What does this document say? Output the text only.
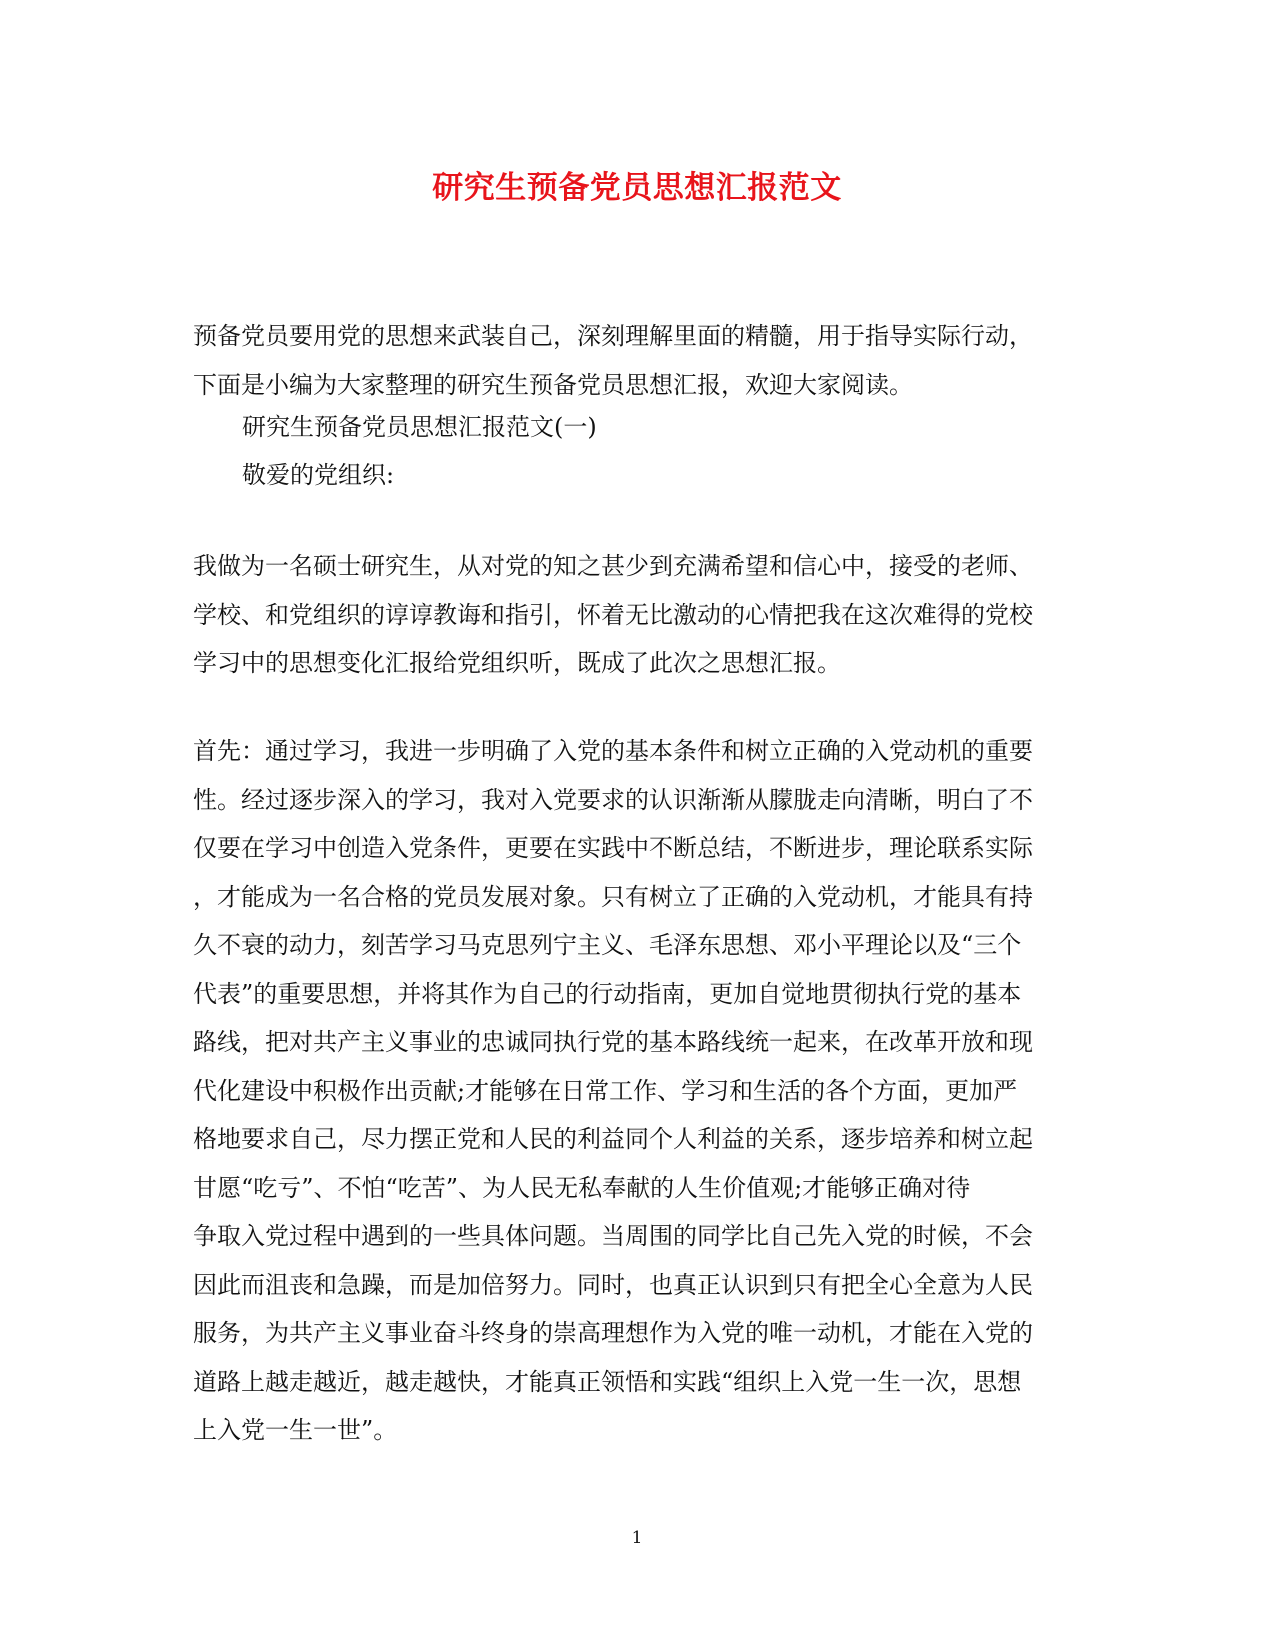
研究生预备党员思想汇报范文
预备党员要用党的思想来武装自己，深刻理解里面的精髓，用于指导实际行动，
下面是小编为大家整理的研究生预备党员思想汇报，欢迎大家阅读。
研究生预备党员思想汇报范文(一)
敬爱的党组织:
我做为一名硕士研究生，从对党的知之甚少到充满希望和信心中，接受的老师、
学校、和党组织的谆谆教诲和指引，怀着无比激动的心情把我在这次难得的党校
学习中的思想变化汇报给党组织听，既成了此次之思想汇报。
首先：通过学习，我进一步明确了入党的基本条件和树立正确的入党动机的重要
性。经过逐步深入的学习，我对入党要求的认识渐渐从朦胧走向清晰，明白了不
仅要在学习中创造入党条件，更要在实践中不断总结，不断进步，理论联系实际
，才能成为一名合格的党员发展对象。只有树立了正确的入党动机，才能具有持
久不衰的动力，刻苦学习马克思列宁主义、毛泽东思想、邓小平理论以及“三个
代表”的重要思想，并将其作为自己的行动指南，更加自觉地贯彻执行党的基本
路线，把对共产主义事业的忠诚同执行党的基本路线统一起来，在改革开放和现
代化建设中积极作出贡献;才能够在日常工作、学习和生活的各个方面，更加严
格地要求自己，尽力摆正党和人民的利益同个人利益的关系，逐步培养和树立起
甘愿“吃亏”、不怕“吃苦”、为人民无私奉献的人生价值观;才能够正确对待
争取入党过程中遇到的一些具体问题。当周围的同学比自己先入党的时候，不会
因此而沮丧和急躁，而是加倍努力。同时，也真正认识到只有把全心全意为人民
服务，为共产主义事业奋斗终身的崇高理想作为入党的唯一动机，才能在入党的
道路上越走越近，越走越快，才能真正领悟和实践“组织上入党一生一次，思想
上入党一生一世”。
1
